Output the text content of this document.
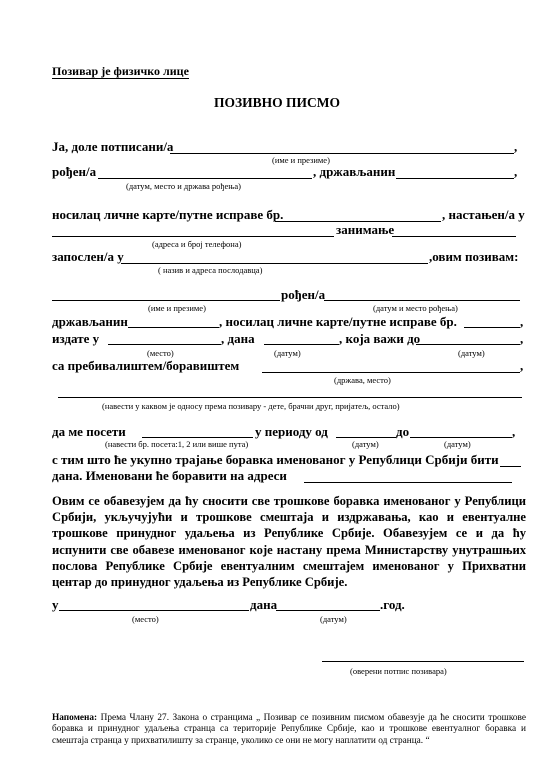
Позивар је физичко лице
ПОЗИВНО ПИСМО
Ја, доле потписани/а	,
(име и презиме)
рођен/а	, држављанин	,
(датум, место и држава рођења)
носилац личне карте/путне исправе бр.	, настањен/а у
занимање
(адреса и број телефона)
запослен/а у	,овим позивам:
( назив и адреса послодавца)
рођен/а
(име и презиме)	(датум и место рођења)
држављанин	, носилац личне карте/путне исправе бр.	,
издате у	, дана	, која важи до	,
(место)	(датум)	(датум)
са пребивалиштем/боравиштем	,
(држава, место)
(навести у каквом је односу према позивару - дете, брачни друг, пријатељ, остало)
да ме посети	у периоду од	до	,
(навести бр. посета:1, 2 или више пута)	(датум)	(датум)
с тим што ће укупно трајање боравка именованог у Републици Србији бити
дана. Именовани ће боравити на адреси
Овим се обавезујем да ћу сносити све трошкове боравка именованог у Републици Србији, укључујући и трошкове смештаја и издржавања, као и евентуалне трошкове принудног удаљења из Републике Србије. Обавезујем се и да ћу испунити све обавезе именованог које настану према Министарству унутрашњих послова Републике Србије евентуалним смештајем именованог у Прихватни центар до принудног удаљења из Републике Србије.
у	дана	.год.
(место)	(датум)
(оверени потпис позивара)
Напомена: Према Члану 27. Закона о странцима „ Позивар се позивним писмом обавезује да ће сносити трошкове боравка и принудног удаљења странца са територије Републике Србије, као и трошкове евентуалног боравка и смештаја странца у прихватилишту за странце, уколико се они не могу наплатити од странца. “
